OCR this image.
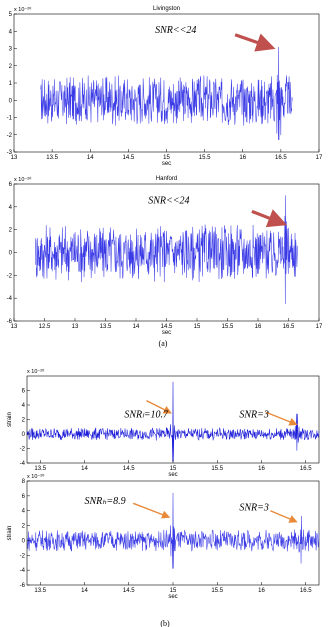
13	13.5	14	14.5	15	15.5	16	16.5	17
-3
-2
-1
0
1
2
3
4
5
x 10⁻²⁰	Livingston
sec
SNR<<24
13	12.5	13	13.5	14	14.5	15	15.5	16	16.5	17
-6
-4
-2
0
2
4
6
x 10⁻²⁰	Hanford
sec
SNR<<24
13.5	14	14.5	15	15.5	16	16.5
-4
-2
0
2
4
6
x 10⁻²⁰
sec
strain	SNRₗ=10.7	SNR=3
13.5	14	14.5	15	15.5	16	16.5
-6
-4
-2
0
2
4
6
8
x 10⁻²⁰
sec
strain
SNRₕ=8.9
SNR=3
(a)
(b)
